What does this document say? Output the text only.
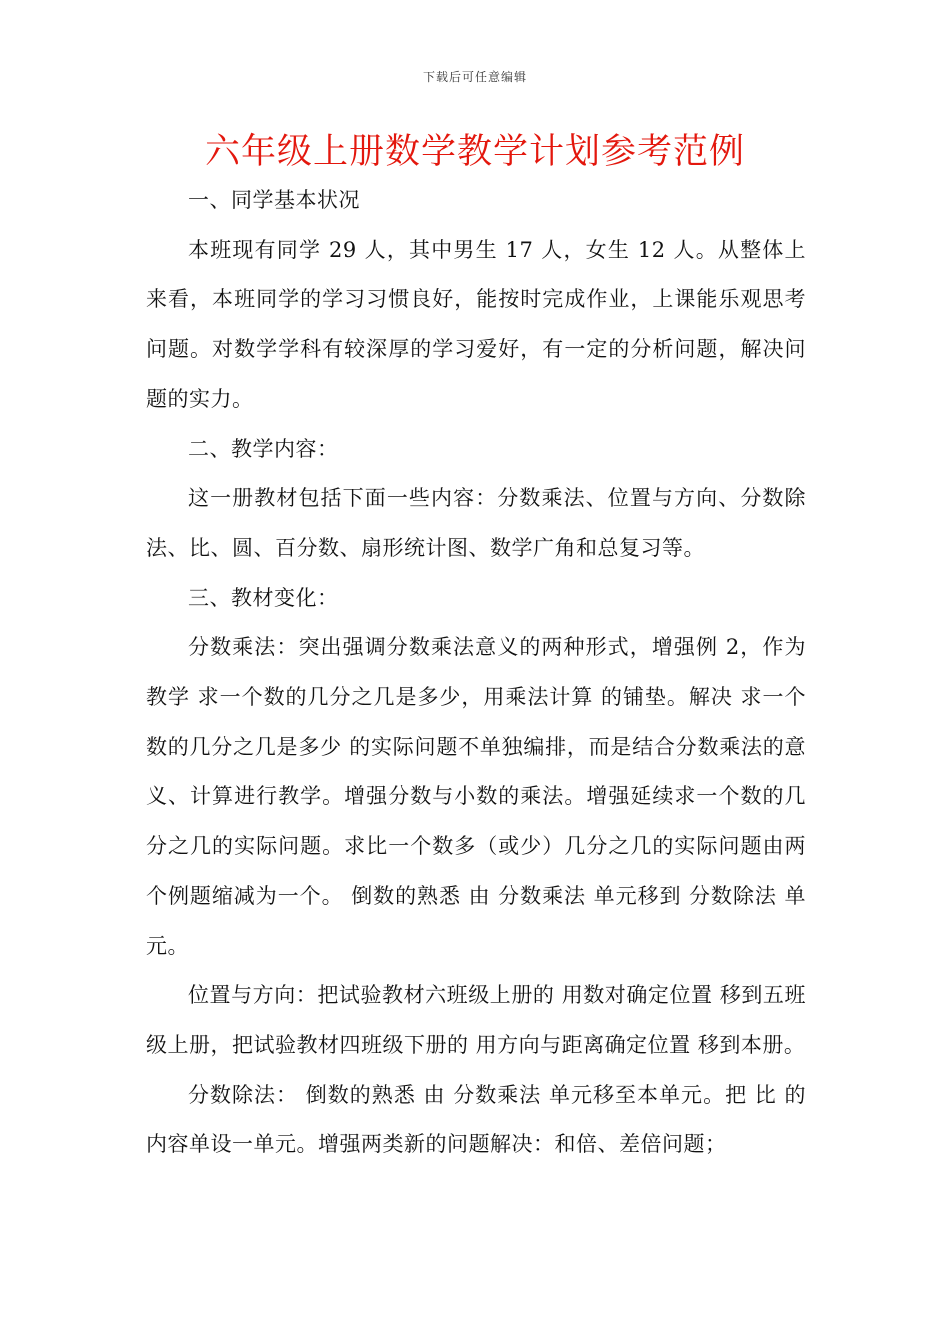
下载后可任意编辑
六年级上册数学教学计划参考范例

一、同学基本状况

本班现有同学 29 人，其中男生 17 人，女生 12 人。从整体上来看，本班同学的学习习惯良好，能按时完成作业，上课能乐观思考问题。对数学学科有较深厚的学习爱好，有一定的分析问题，解决问题的实力。

二、教学内容：

这一册教材包括下面一些内容：分数乘法、位置与方向、分数除法、比、圆、百分数、扇形统计图、数学广角和总复习等。

三、教材变化：

分数乘法：突出强调分数乘法意义的两种形式，增强例 2，作为教学 求一个数的几分之几是多少，用乘法计算 的铺垫。解决 求一个数的几分之几是多少 的实际问题不单独编排，而是结合分数乘法的意义、计算进行教学。增强分数与小数的乘法。增强延续求一个数的几分之几的实际问题。求比一个数多（或少）几分之几的实际问题由两个例题缩减为一个。 倒数的熟悉 由 分数乘法 单元移到 分数除法 单元。

位置与方向：把试验教材六班级上册的 用数对确定位置 移到五班级上册，把试验教材四班级下册的 用方向与距离确定位置 移到本册。

分数除法： 倒数的熟悉 由 分数乘法 单元移至本单元。把 比 的内容单设一单元。增强两类新的问题解决：和倍、差倍问题；
